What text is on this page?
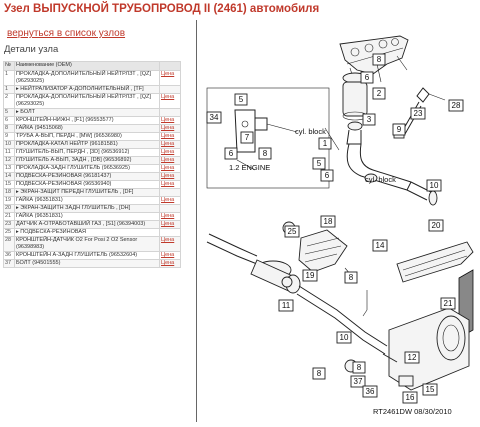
Узел ВЫПУСКНОЙ ТРУБОПРОВОД II (2461) автомобиля
вернуться в список узлов
Детали узла
№	Наименование (OEM)	
1	ПРОКЛАДКА-ДОПОЛНИТЕЛЬНЫЙ НЕЙТРЛЗТ , [QZ] (96293025)	Цена
1	▸ НЕЙТРАЛИЗАТОР А-ДОПОЛНИТЕЛЬНЫЙ , [TF]	
2	ПРОКЛАДКА-ДОПОЛНИТЕЛЬНЫЙ НЕЙТРЛЗТ , [QZ] (96293025)	Цена
5	▸ БОЛТ	
6	КРОНШТЕЙН-НИЖН , [F1] (96553577)	Цена
8	ГАЙКА (94515068)	Цена
9	ТРУБА А-ВЫП, ПЕРДН , [MW] (96536980)	Цена
10	ПРОКЛАДКА-КАТАЛ НЕЙТР (96181581)	Цена
11	ГЛУШИТЕЛЬ-ВЫП, ПЕРДН , [3D] (96536912)	Цена
12	ГЛУШИТЕЛЬ А-ВЫП, ЗАДН , [DB] (96536892)	Цена
13	ПРОКЛАДКА-ЗАДН ГЛУШИТЕЛЬ (96536925)	Цена
14	ПОДВЕСКА-РЕЗИНОВАЯ (96181437)	Цена
15	ПОДВЕСКА-РЕЗИНОВАЯ (96536940)	Цена
18	▸ ЭКРАН-ЗАЩИТ ПЕРЕДН ГЛУШИТЕЛЬ , [DF]	
19	ГАЙКА (96351831)	Цена
20	▸ ЭКРАН-ЗАЩИТН ЗАДН ГЛУШИТЕЛЬ , [DH]	
21	ГАЙКА (96351831)	Цена
23	ДАТЧИК А-ОТРАБОТАВШИЙ ГАЗ , [S1] (96394003)	Цена
25	▸ ПОДВЕСКА-РЕЗИНОВАЯ	
28	КРОНШТЕЙН-ДАТЧИК O2 For Posi 2 O2 Sensor (96398983)	Цена
36	КРОНШТЕЙН А-ЗАДН ГЛУШИТЕЛЬ (96532604)	Цена
37	БОЛТ (94501555)	Цена
cyl. block
1.2 ENGINE
cyl. block
8
6
2
5
34
6
7
8
3
23
28
9
5
6
1
10
18	20
19
25
14
11
8
21
10
8
37
36
12
16
8
15
RT2461DW 08/30/2010
